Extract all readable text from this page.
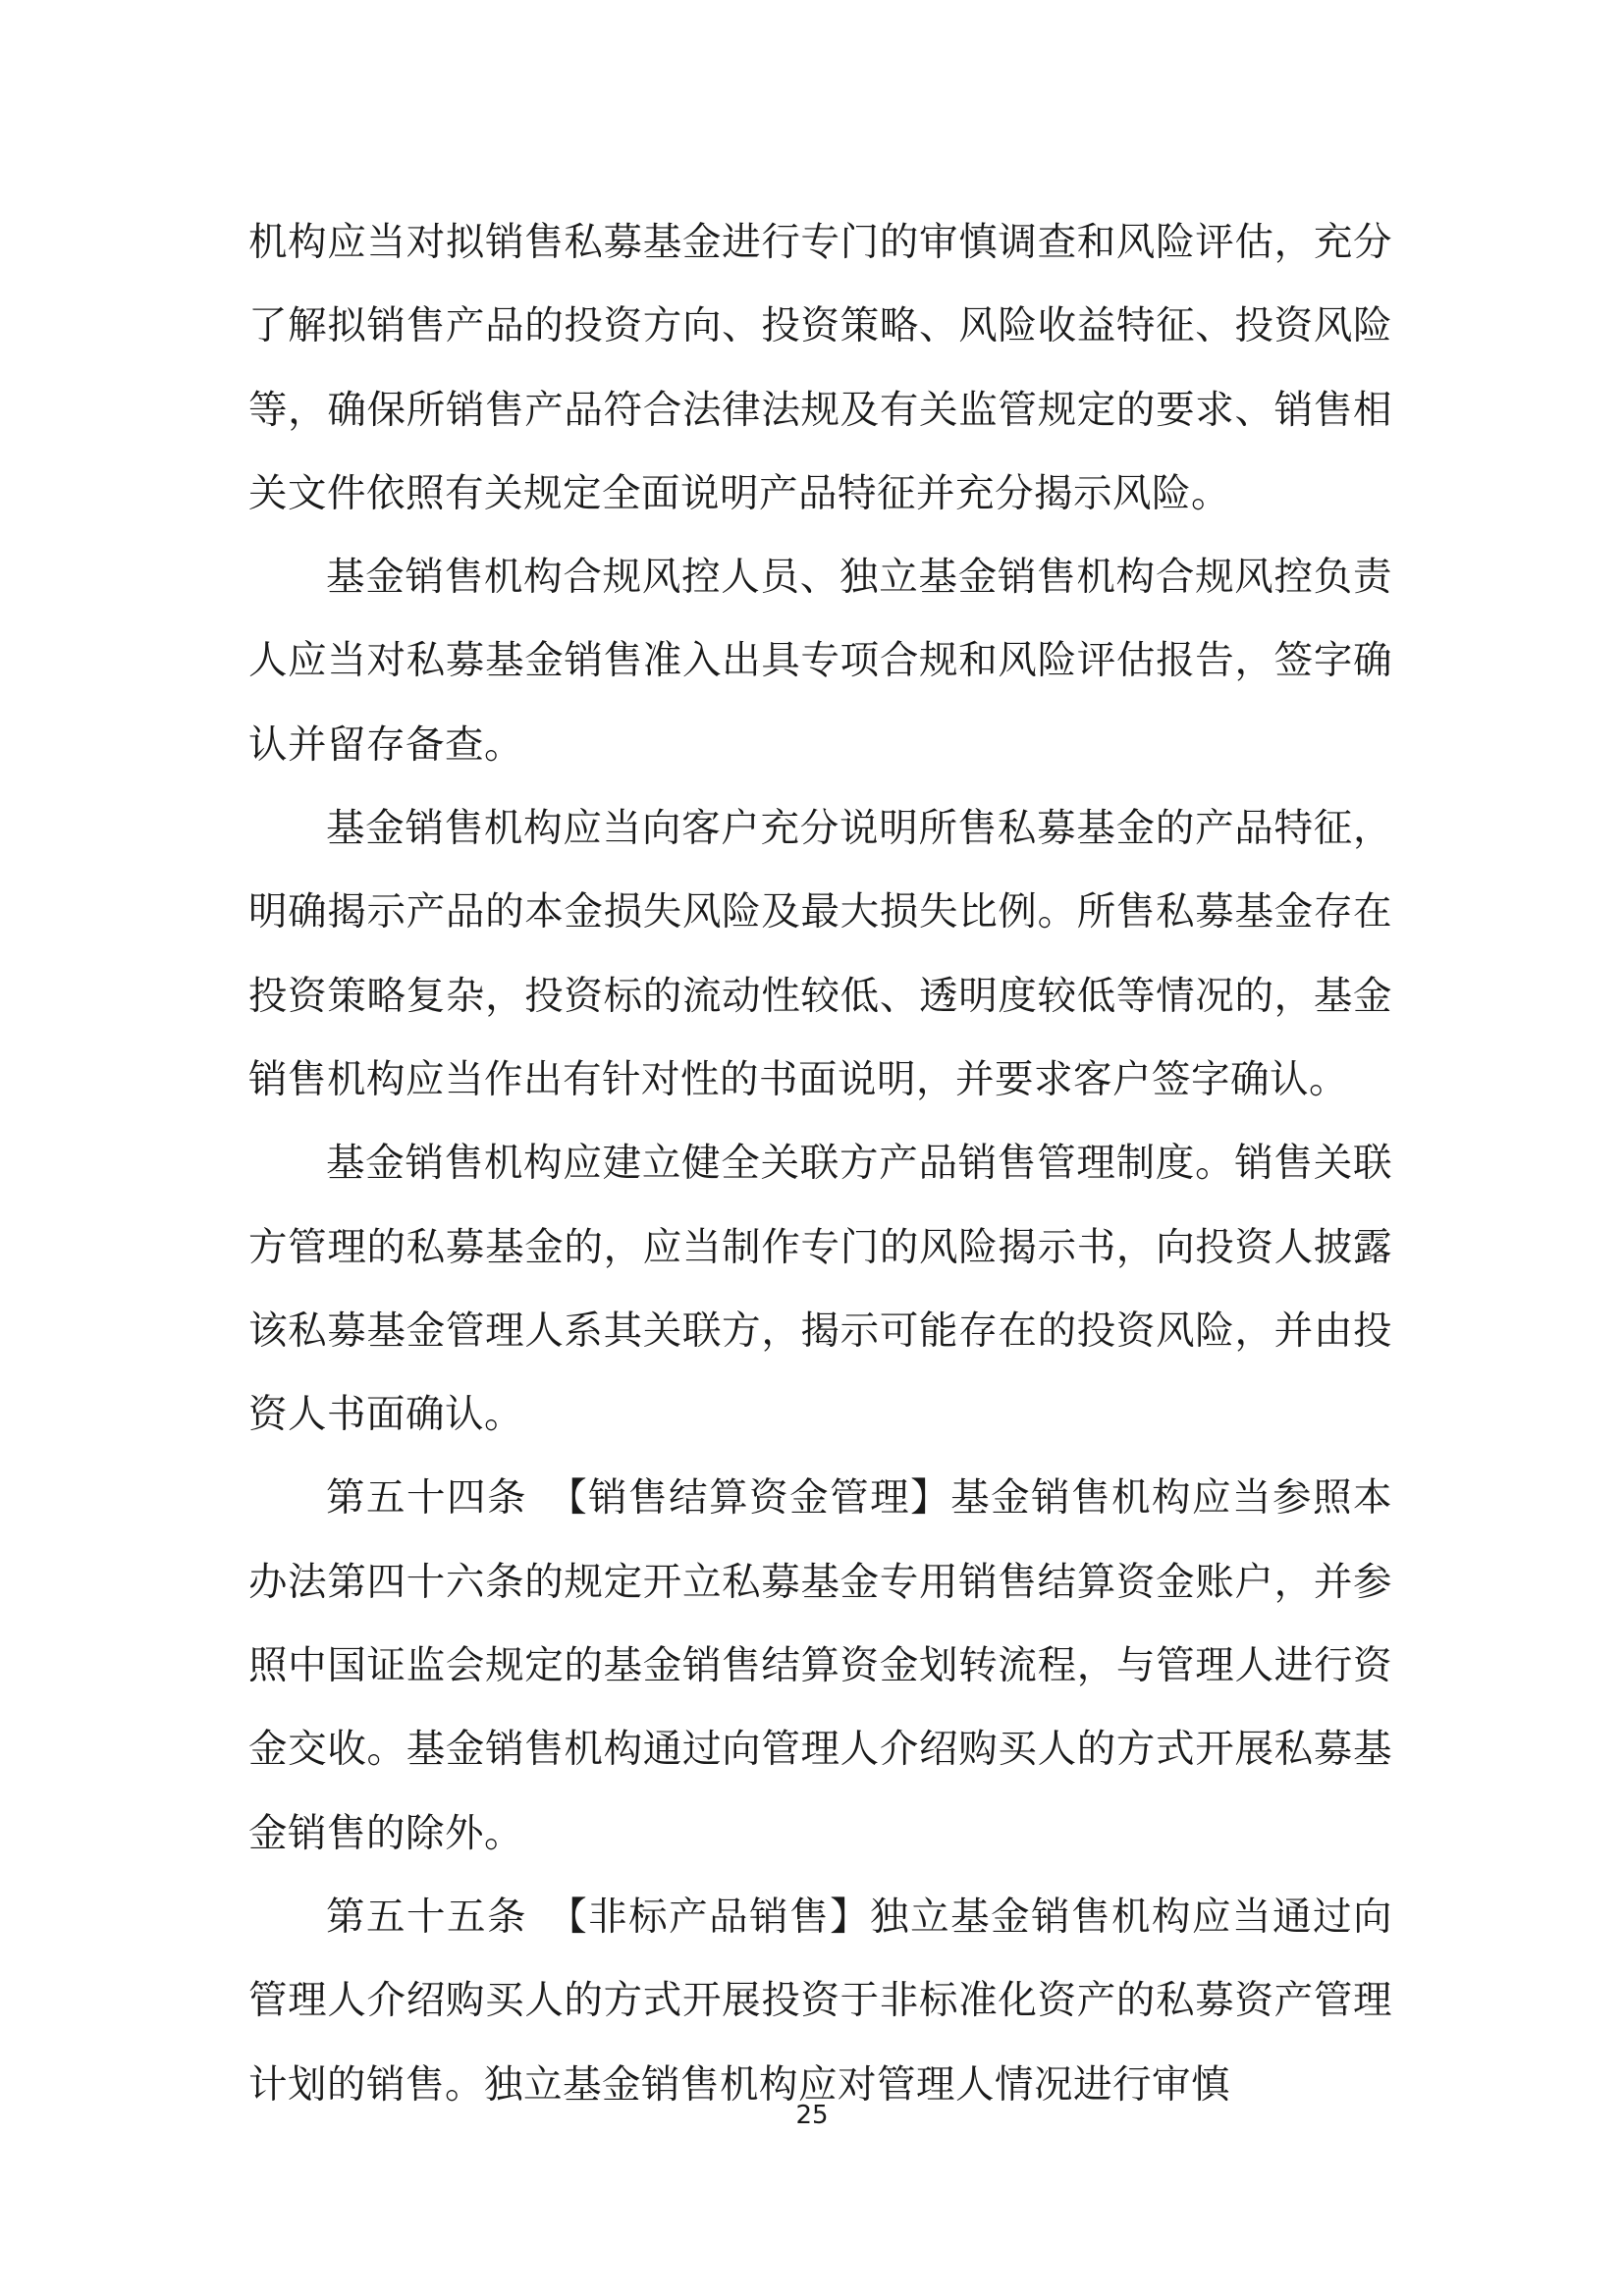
机构应当对拟销售私募基金进行专门的审慎调查和风险评估，充分了解拟销售产品的投资方向、投资策略、风险收益特征、投资风险等，确保所销售产品符合法律法规及有关监管规定的要求、销售相关文件依照有关规定全面说明产品特征并充分揭示风险。

基金销售机构合规风控人员、独立基金销售机构合规风控负责人应当对私募基金销售准入出具专项合规和风险评估报告，签字确认并留存备查。

基金销售机构应当向客户充分说明所售私募基金的产品特征，明确揭示产品的本金损失风险及最大损失比例。所售私募基金存在投资策略复杂，投资标的流动性较低、透明度较低等情况的，基金销售机构应当作出有针对性的书面说明，并要求客户签字确认。

基金销售机构应建立健全关联方产品销售管理制度。销售关联方管理的私募基金的，应当制作专门的风险揭示书，向投资人披露该私募基金管理人系其关联方，揭示可能存在的投资风险，并由投资人书面确认。

第五十四条　【销售结算资金管理】基金销售机构应当参照本办法第四十六条的规定开立私募基金专用销售结算资金账户，并参照中国证监会规定的基金销售结算资金划转流程，与管理人进行资金交收。基金销售机构通过向管理人介绍购买人的方式开展私募基金销售的除外。

第五十五条　【非标产品销售】独立基金销售机构应当通过向管理人介绍购买人的方式开展投资于非标准化资产的私募资产管理计划的销售。独立基金销售机构应对管理人情况进行审慎

25
